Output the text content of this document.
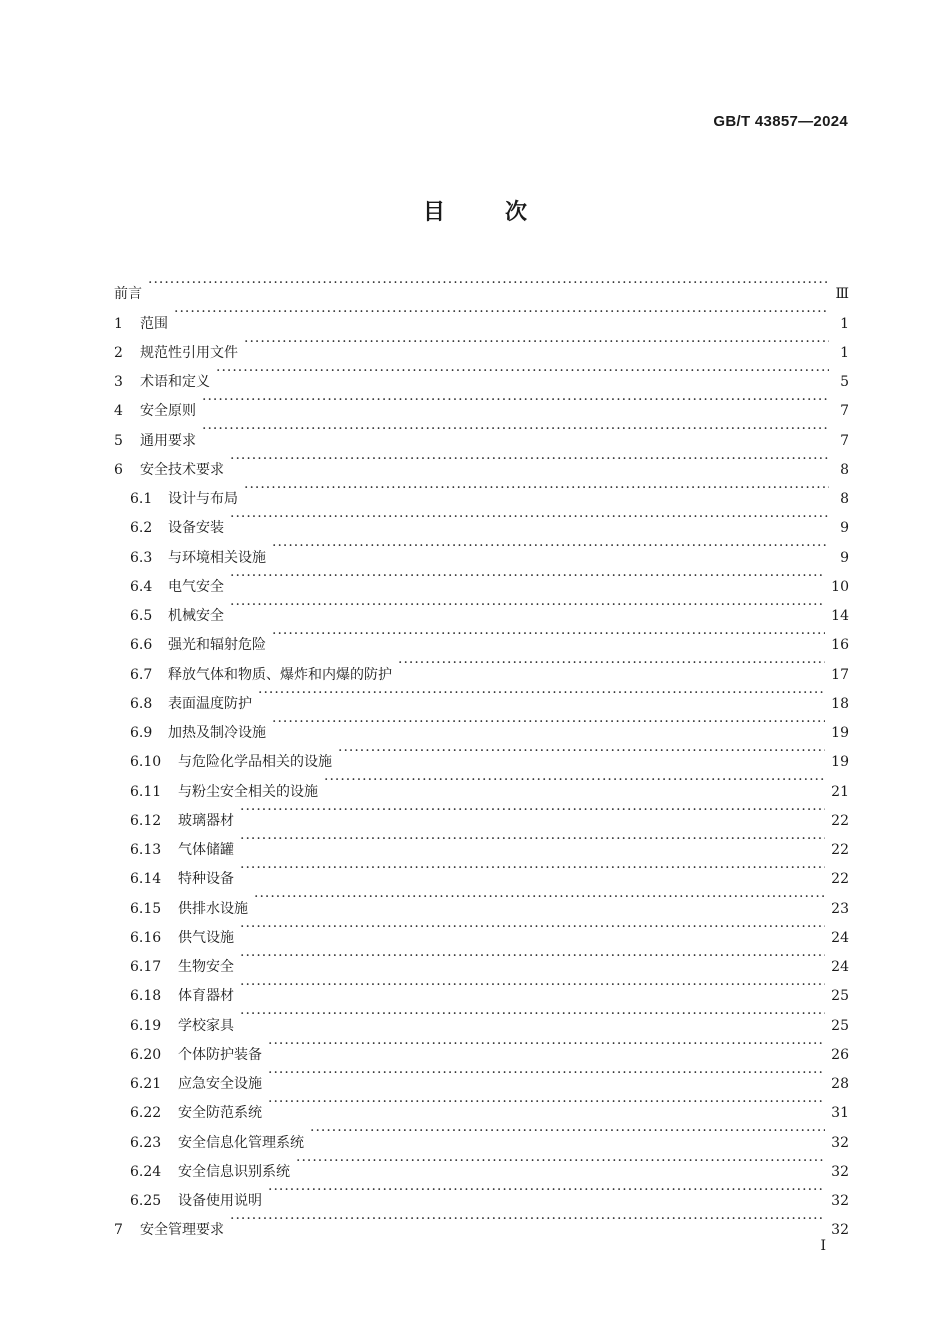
GB/T 43857—2024
目次
前言 ·····	Ⅲ
1	范围 ·····	1
2	规范性引用文件 ·····	1
3	术语和定义 ·····	5
4	安全原则 ·····	7
5	通用要求 ·····	7
6	安全技术要求 ·····	8
6.1	设计与布局 ·····	8
6.2	设备安装 ·····	9
6.3	与环境相关设施 ·····	9
6.4	电气安全 ·····	10
6.5	机械安全 ·····	14
6.6	强光和辐射危险 ·····	16
6.7	释放气体和物质、爆炸和内爆的防护 ·····	17
6.8	表面温度防护 ·····	18
6.9	加热及制冷设施 ·····	19
6.10	与危险化学品相关的设施 ·····	19
6.11	与粉尘安全相关的设施 ·····	21
6.12	玻璃器材 ·····	22
6.13	气体储罐 ·····	22
6.14	特种设备 ·····	22
6.15	供排水设施 ·····	23
6.16	供气设施 ·····	24
6.17	生物安全 ·····	24
6.18	体育器材 ·····	25
6.19	学校家具 ·····	25
6.20	个体防护装备 ·····	26
6.21	应急安全设施 ·····	28
6.22	安全防范系统 ·····	31
6.23	安全信息化管理系统 ·····	32
6.24	安全信息识别系统 ·····	32
6.25	设备使用说明 ·····	32
7	安全管理要求 ·····	32
I
